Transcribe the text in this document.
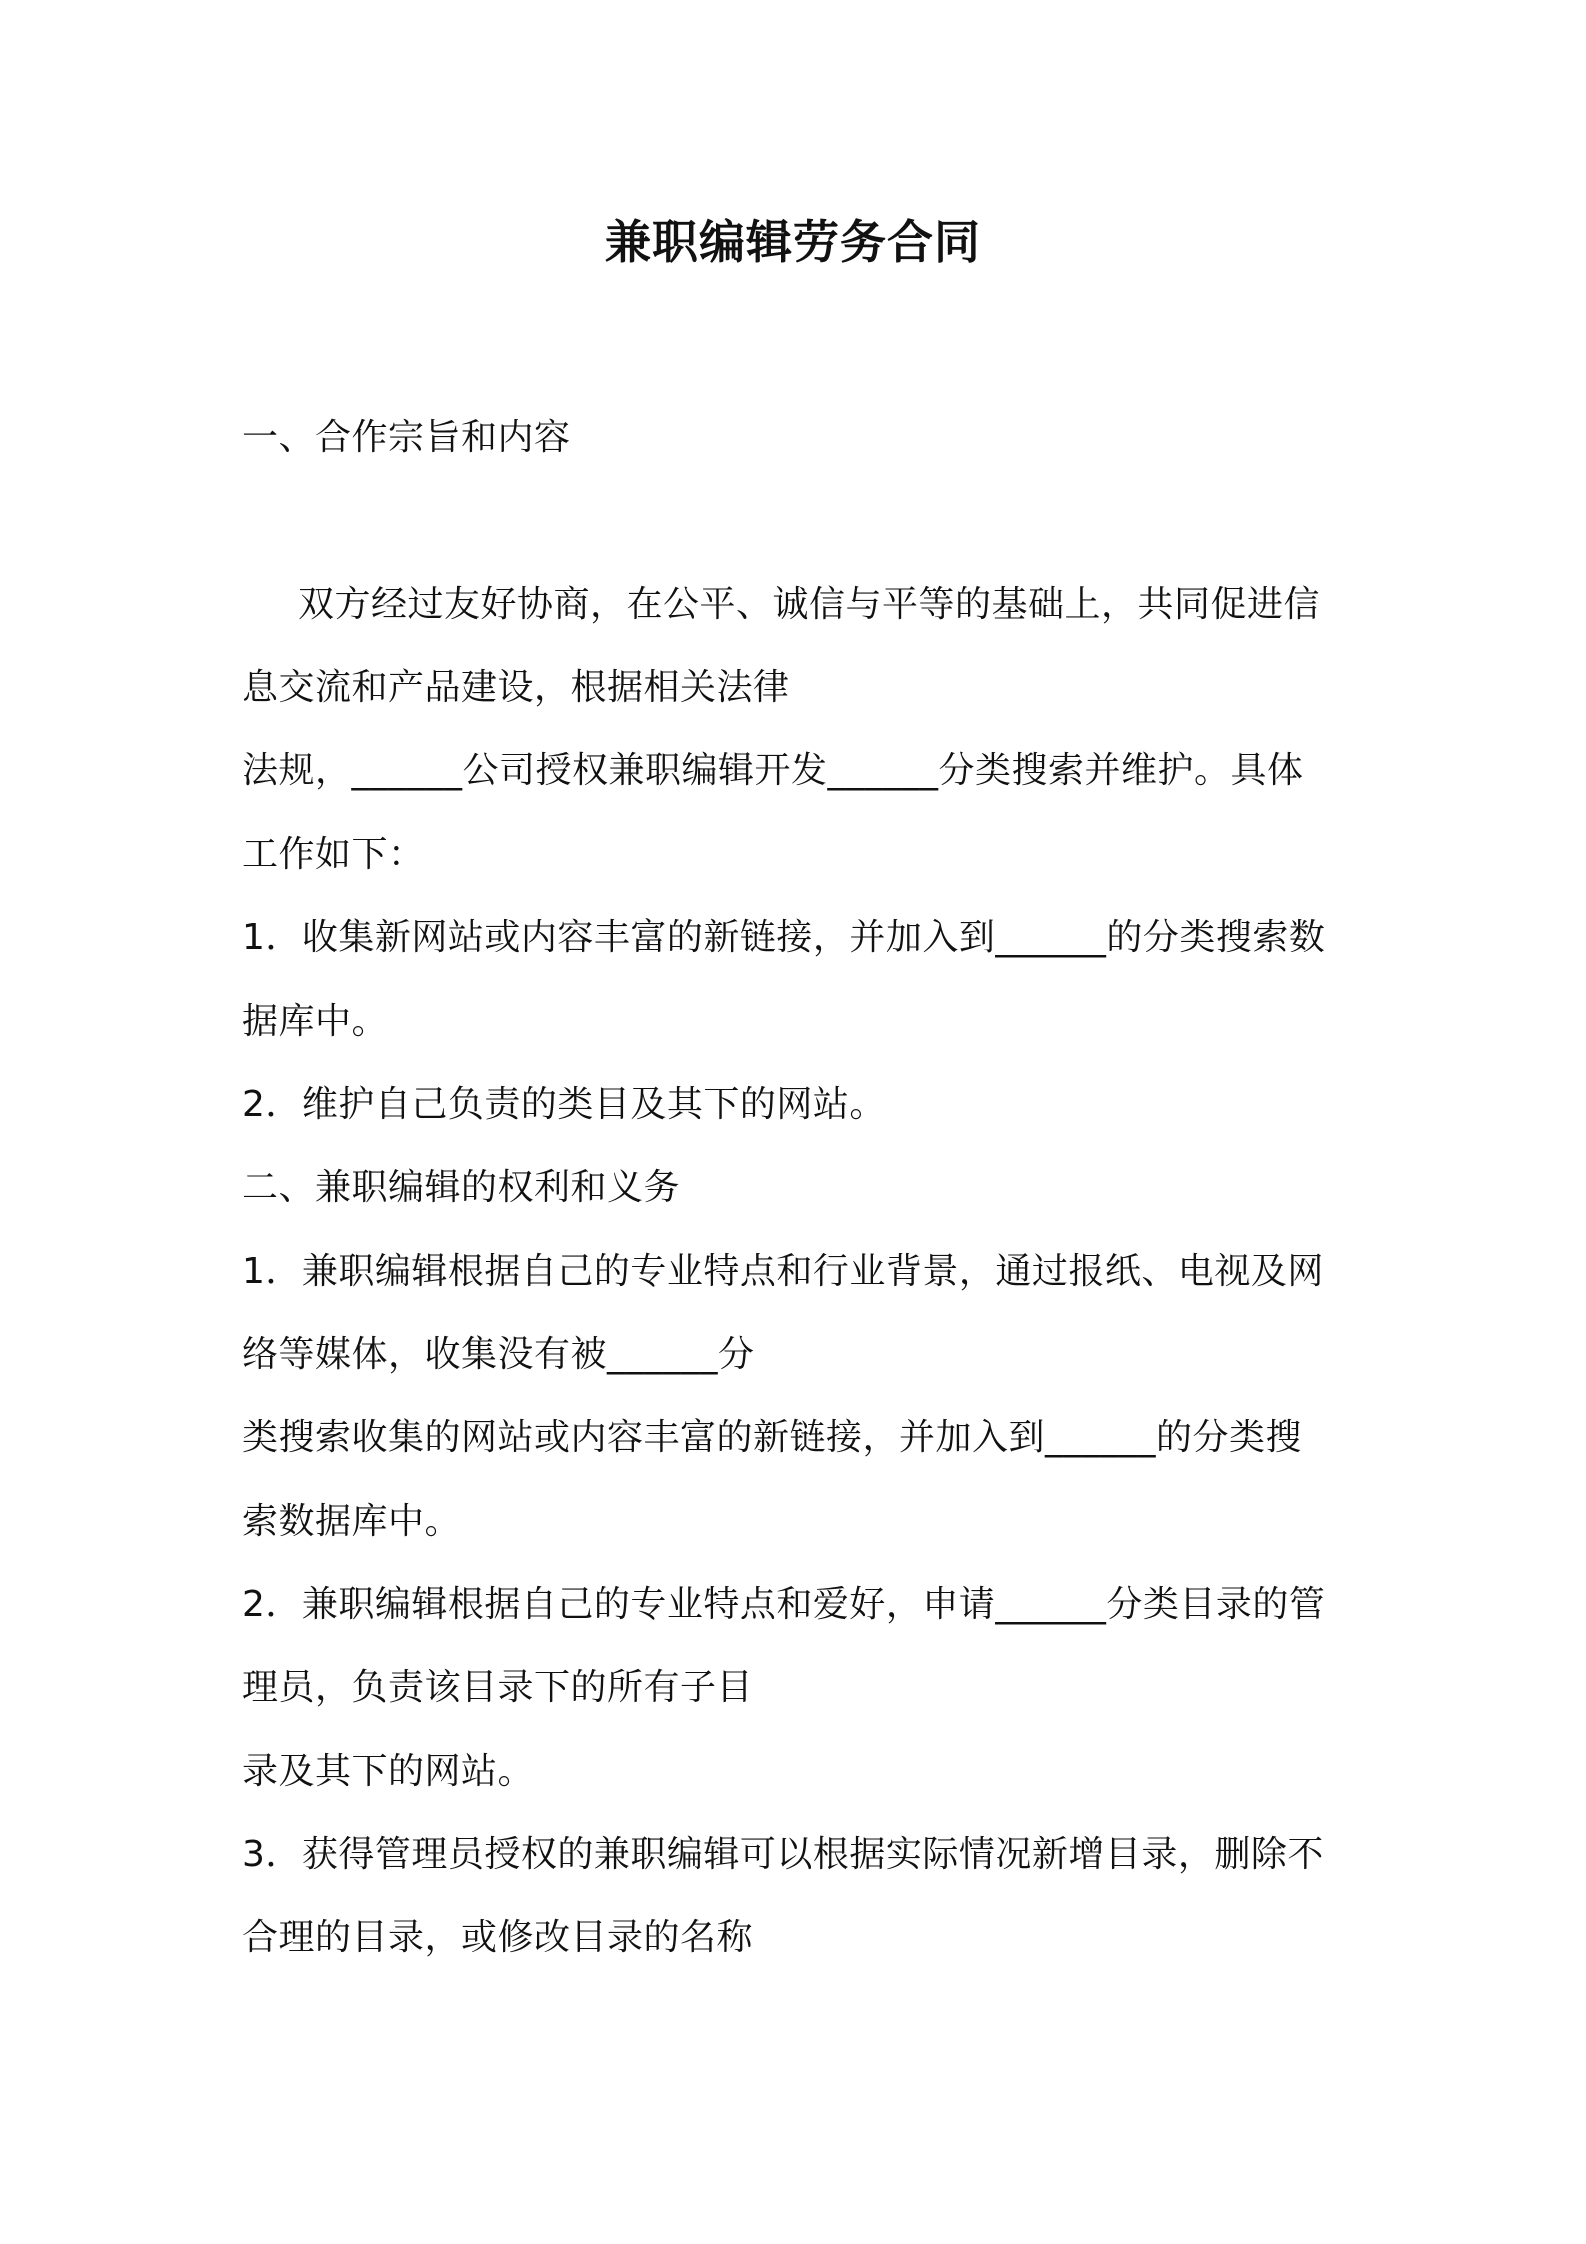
兼职编辑劳务合同
一、合作宗旨和内容
双方经过友好协商，在公平、诚信与平等的基础上，共同促进信
息交流和产品建设，根据相关法律
法规，______公司授权兼职编辑开发______分类搜索并维护。具体
工作如下：
1．收集新网站或内容丰富的新链接，并加入到______的分类搜索数
据库中。
2．维护自己负责的类目及其下的网站。
二、兼职编辑的权利和义务
1．兼职编辑根据自己的专业特点和行业背景，通过报纸、电视及网
络等媒体，收集没有被______分
类搜索收集的网站或内容丰富的新链接，并加入到______的分类搜
索数据库中。
2．兼职编辑根据自己的专业特点和爱好，申请______分类目录的管
理员，负责该目录下的所有子目
录及其下的网站。
3．获得管理员授权的兼职编辑可以根据实际情况新增目录，删除不
合理的目录，或修改目录的名称
